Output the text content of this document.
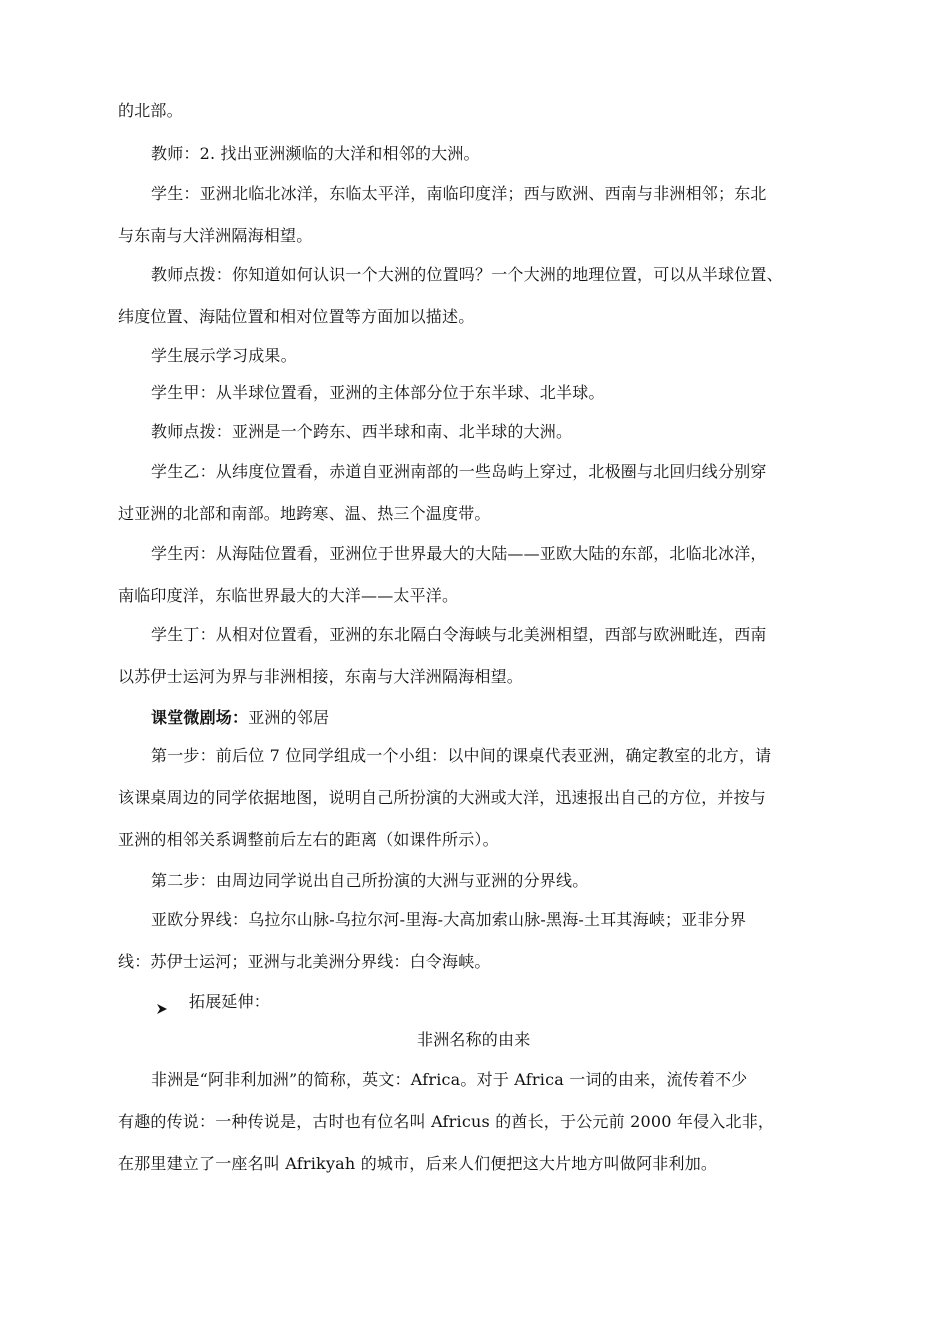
的北部。
教师：2. 找出亚洲濒临的大洋和相邻的大洲。
学生：亚洲北临北冰洋，东临太平洋，南临印度洋；西与欧洲、西南与非洲相邻；东北
与东南与大洋洲隔海相望。
教师点拨：你知道如何认识一个大洲的位置吗？一个大洲的地理位置，可以从半球位置、
纬度位置、海陆位置和相对位置等方面加以描述。
学生展示学习成果。
学生甲：从半球位置看，亚洲的主体部分位于东半球、北半球。
教师点拨：亚洲是一个跨东、西半球和南、北半球的大洲。
学生乙：从纬度位置看，赤道自亚洲南部的一些岛屿上穿过，北极圈与北回归线分别穿
过亚洲的北部和南部。地跨寒、温、热三个温度带。
学生丙：从海陆位置看，亚洲位于世界最大的大陆——亚欧大陆的东部，北临北冰洋，
南临印度洋，东临世界最大的大洋——太平洋。
学生丁：从相对位置看，亚洲的东北隔白令海峡与北美洲相望，西部与欧洲毗连，西南
以苏伊士运河为界与非洲相接，东南与大洋洲隔海相望。
课堂微剧场：亚洲的邻居
第一步：前后位 7 位同学组成一个小组：以中间的课桌代表亚洲，确定教室的北方，请
该课桌周边的同学依据地图，说明自己所扮演的大洲或大洋，迅速报出自己的方位，并按与
亚洲的相邻关系调整前后左右的距离（如课件所示）。
第二步：由周边同学说出自己所扮演的大洲与亚洲的分界线。
亚欧分界线：乌拉尔山脉-乌拉尔河-里海-大高加索山脉-黑海-土耳其海峡；亚非分界
线：苏伊士运河；亚洲与北美洲分界线：白令海峡。
拓展延伸：
非洲名称的由来
非洲是“阿非利加洲”的简称，英文：Africa。对于 Africa 一词的由来，流传着不少
有趣的传说：一种传说是，古时也有位名叫 Africus 的酋长，于公元前 2000 年侵入北非，
在那里建立了一座名叫 Afrikyah 的城市，后来人们便把这大片地方叫做阿非利加。
